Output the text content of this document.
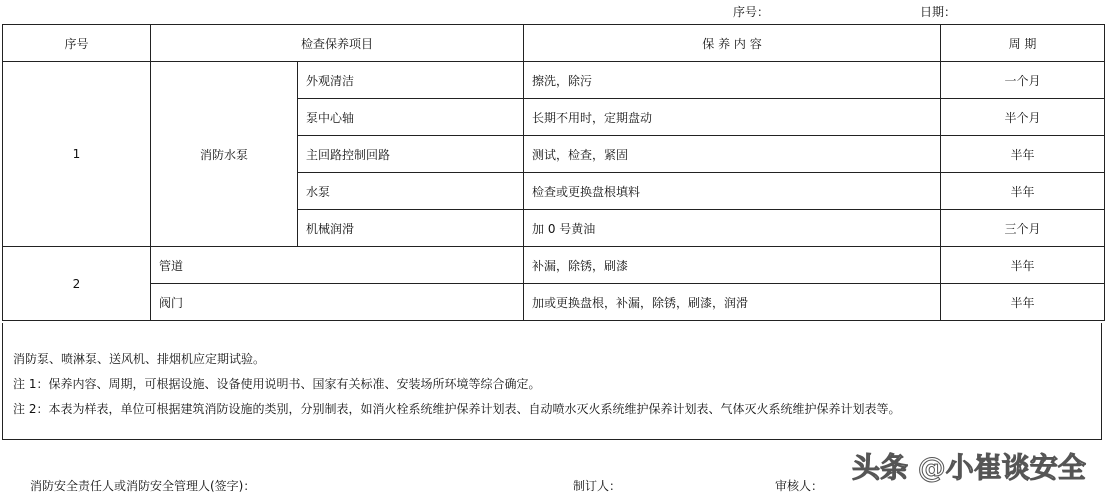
序号：	日期：
序号	检查保养项目		保 养 内 容	周 期
1	消防水泵	外观清洁	擦洗，除污	一个月
		泵中心轴	长期不用时，定期盘动	半个月
		主回路控制回路	测试，检查，紧固	半年
		水泵	检查或更换盘根填料	半年
		机械润滑	加 0 号黄油	三个月
2	管道		补漏，除锈，刷漆	半年
	阀门		加或更换盘根，补漏，除锈，刷漆，润滑	半年
消防泵、喷淋泵、送风机、排烟机应定期试验。
注 1：保养内容、周期，可根据设施、设备使用说明书、国家有关标准、安装场所环境等综合确定。
注 2：本表为样表，单位可根据建筑消防设施的类别，分别制表，如消火栓系统维护保养计划表、自动喷水灭火系统维护保养计划表、气体灭火系统维护保养计划表等。
消防安全责任人或消防安全管理人(签字)：	制订人：	审核人：
头条 @小崔谈安全
